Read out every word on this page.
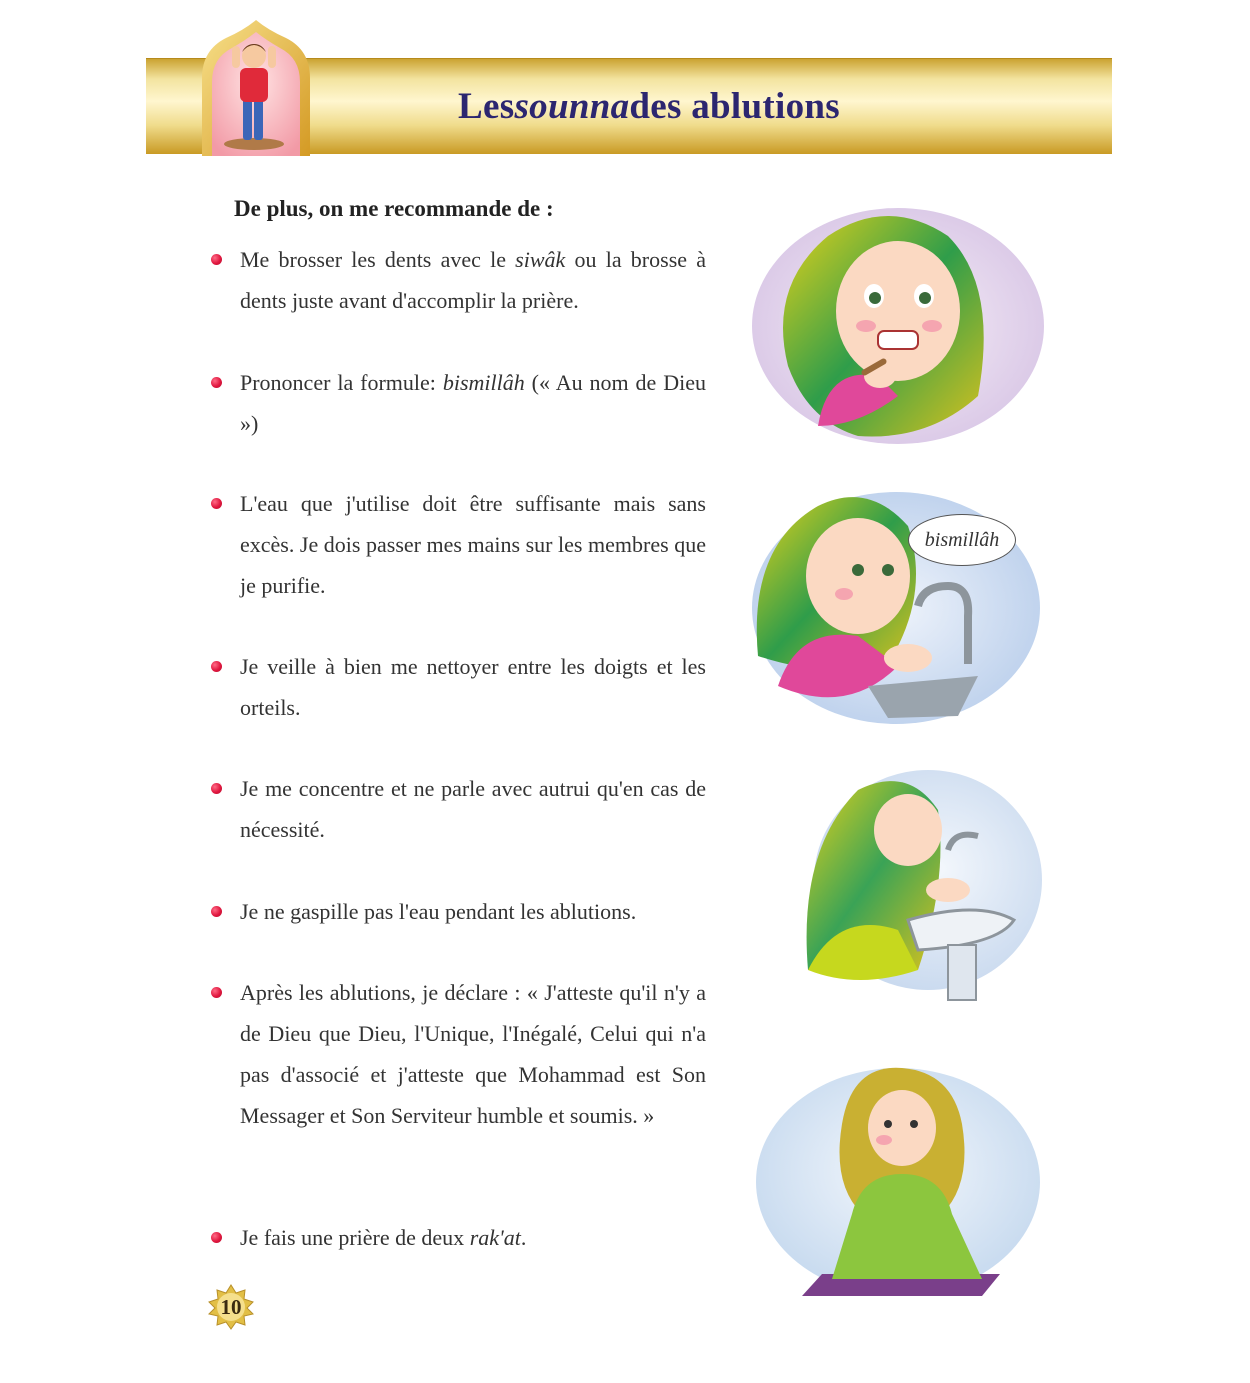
Les sounna des ablutions
De plus, on me recommande de :
Me brosser les dents avec le siwâk ou la brosse à dents juste avant d'accomplir la prière.
Prononcer la formule: bismillâh (« Au nom de Dieu »)
L'eau que j'utilise doit être suffisante mais sans excès. Je dois passer mes mains sur les membres que je purifie.
Je veille à bien me nettoyer entre les doigts et les orteils.
Je me concentre et ne parle avec autrui qu'en cas de nécessité.
Je ne gaspille pas l'eau pendant les ablutions.
Après les ablutions, je déclare : « J'atteste qu'il n'y a de Dieu que Dieu, l'Unique, l'Inégalé, Celui qui n'a pas d'associé et j'atteste que Mohammad est Son Messager et Son Serviteur humble et soumis. »
Je fais une prière de deux rak'at.
bismillâh
10
